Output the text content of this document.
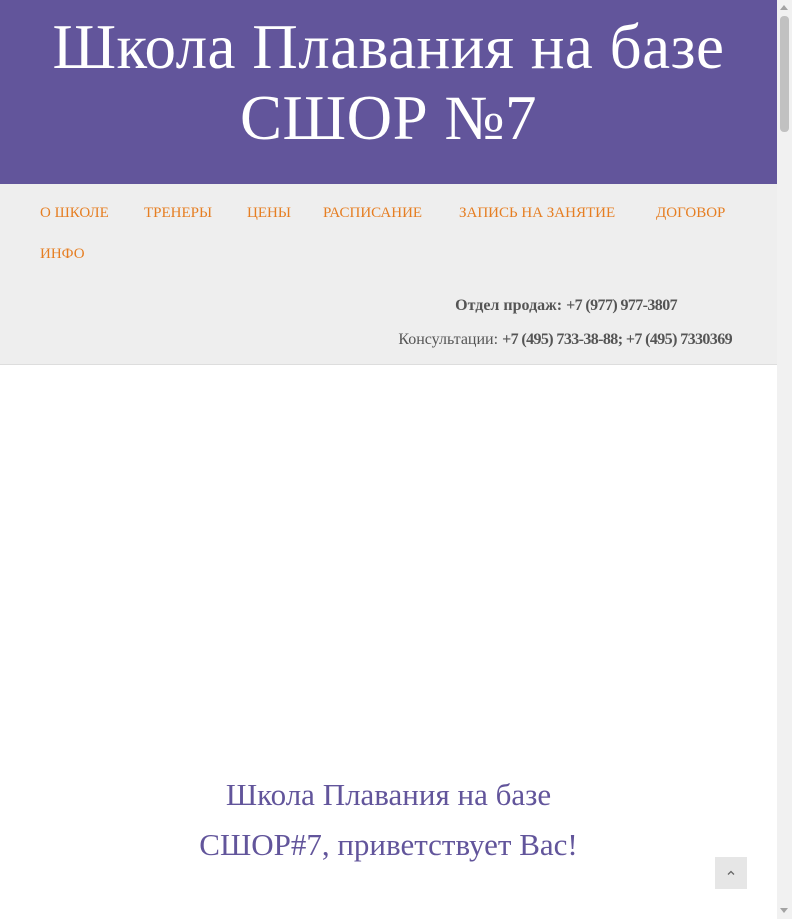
Школа Плавания на базе
СШОР №7
О ШКОЛЕ ТРЕНЕРЫ ЦЕНЫ РАСПИСАНИЕ ЗАПИСЬ НА ЗАНЯТИЕ	ДОГОВОР
ИНФО
Отдел продаж: +7 (977) 977-3807
Консультации: +7 (495) 733-38-88; +7 (495) 7330369
Школа Плавания на базе
СШОР#7, приветствует Вас!
